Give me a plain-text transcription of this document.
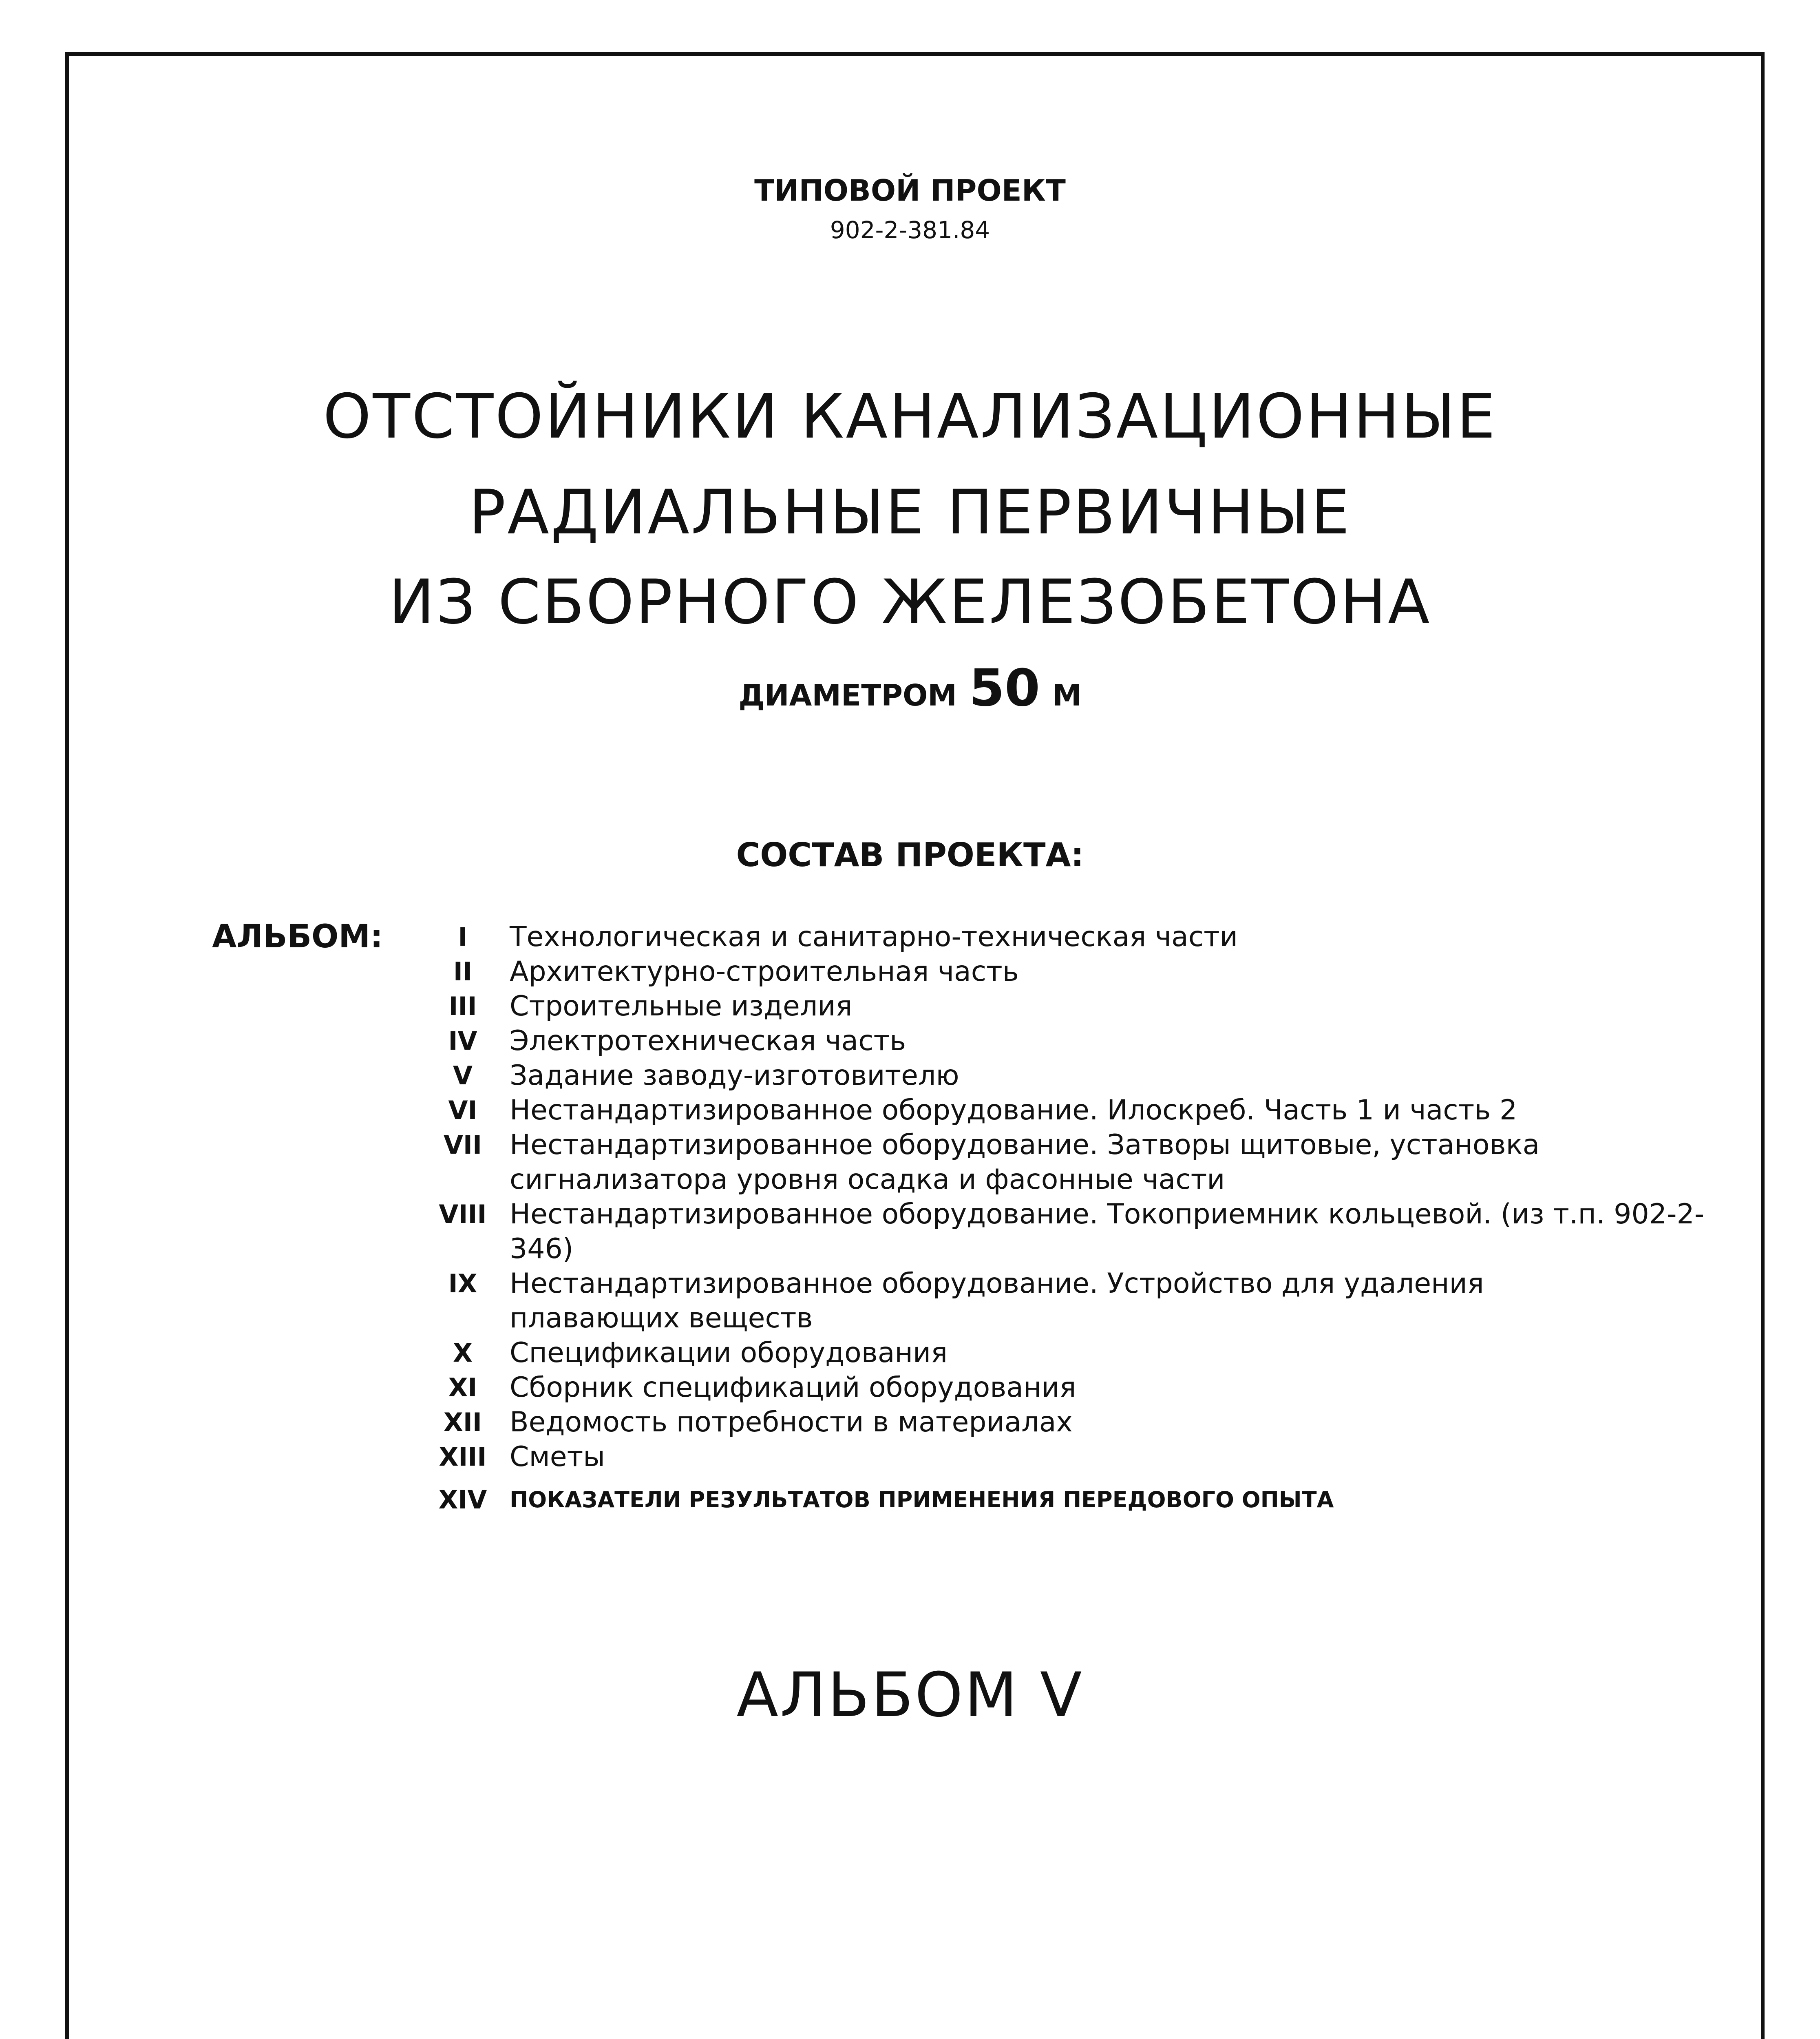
ТИПОВОЙ ПРОЕКТ
902-2-381.84
ОТСТОЙНИКИ КАНАЛИЗАЦИОННЫЕ
РАДИАЛЬНЫЕ ПЕРВИЧНЫЕ
ИЗ СБОРНОГО ЖЕЛЕЗОБЕТОНА
ДИАМЕТРОМ 50 М
СОСТАВ ПРОЕКТА:
АЛЬБОМ:	I	Технологическая и санитарно-техническая части
II	Архитектурно-строительная часть
III	Строительные изделия
IV	Электротехническая часть
V	Задание заводу-изготовителю
VI	Нестандартизированное оборудование. Илоскреб. Часть 1 и часть 2
VII Нестандартизированное оборудование. Затворы щитовые, установка
сигнализатора уровня осадка и фасонные части
VIII Нестандартизированное оборудование. Токоприемник кольцевой. (из т.п. 902-2-346)
IX	Нестандартизированное оборудование. Устройство для удаления
плавающих веществ
X	Спецификации оборудования
XI	Сборник спецификаций оборудования
XII	Ведомость потребности в материалах
XIII Сметы
XIV	ПОКАЗАТЕЛИ РЕЗУЛЬТАТОВ ПРИМЕНЕНИЯ ПЕРЕДОВОГО ОПЫТА
АЛЬБОМ V
